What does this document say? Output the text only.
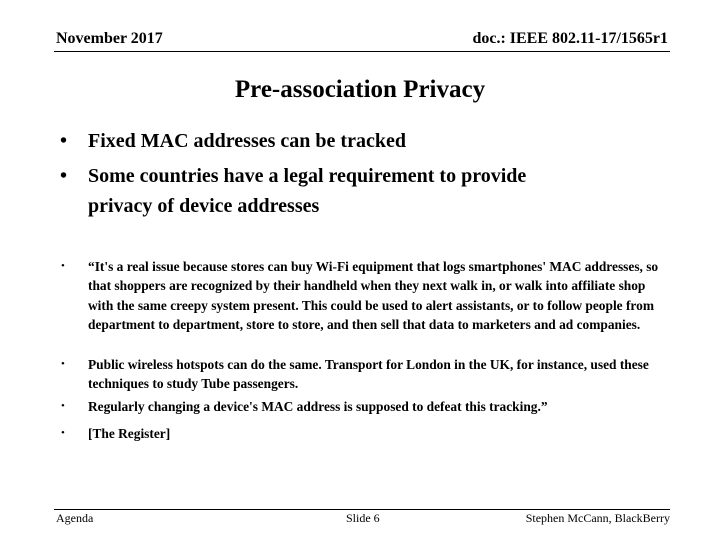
November 2017	doc.: IEEE 802.11-17/1565r1
Pre-association Privacy
• Fixed MAC addresses can be tracked
• Some countries have a legal requirement to provide
privacy of device addresses
• “It's a real issue because stores can buy Wi-Fi equipment that logs smartphones' MAC addresses, so that shoppers are recognized by their handheld when they next walk in, or walk into affiliate shop with the same creepy system present. This could be used to alert assistants, or to follow people from department to department, store to store, and then sell that data to marketers and ad companies.
• Public wireless hotspots can do the same. Transport for London in the UK, for instance, used these techniques to study Tube passengers.
• Regularly changing a device's MAC address is supposed to defeat this tracking.”
• [The Register]
Agenda	Slide 6	Stephen McCann, BlackBerry
